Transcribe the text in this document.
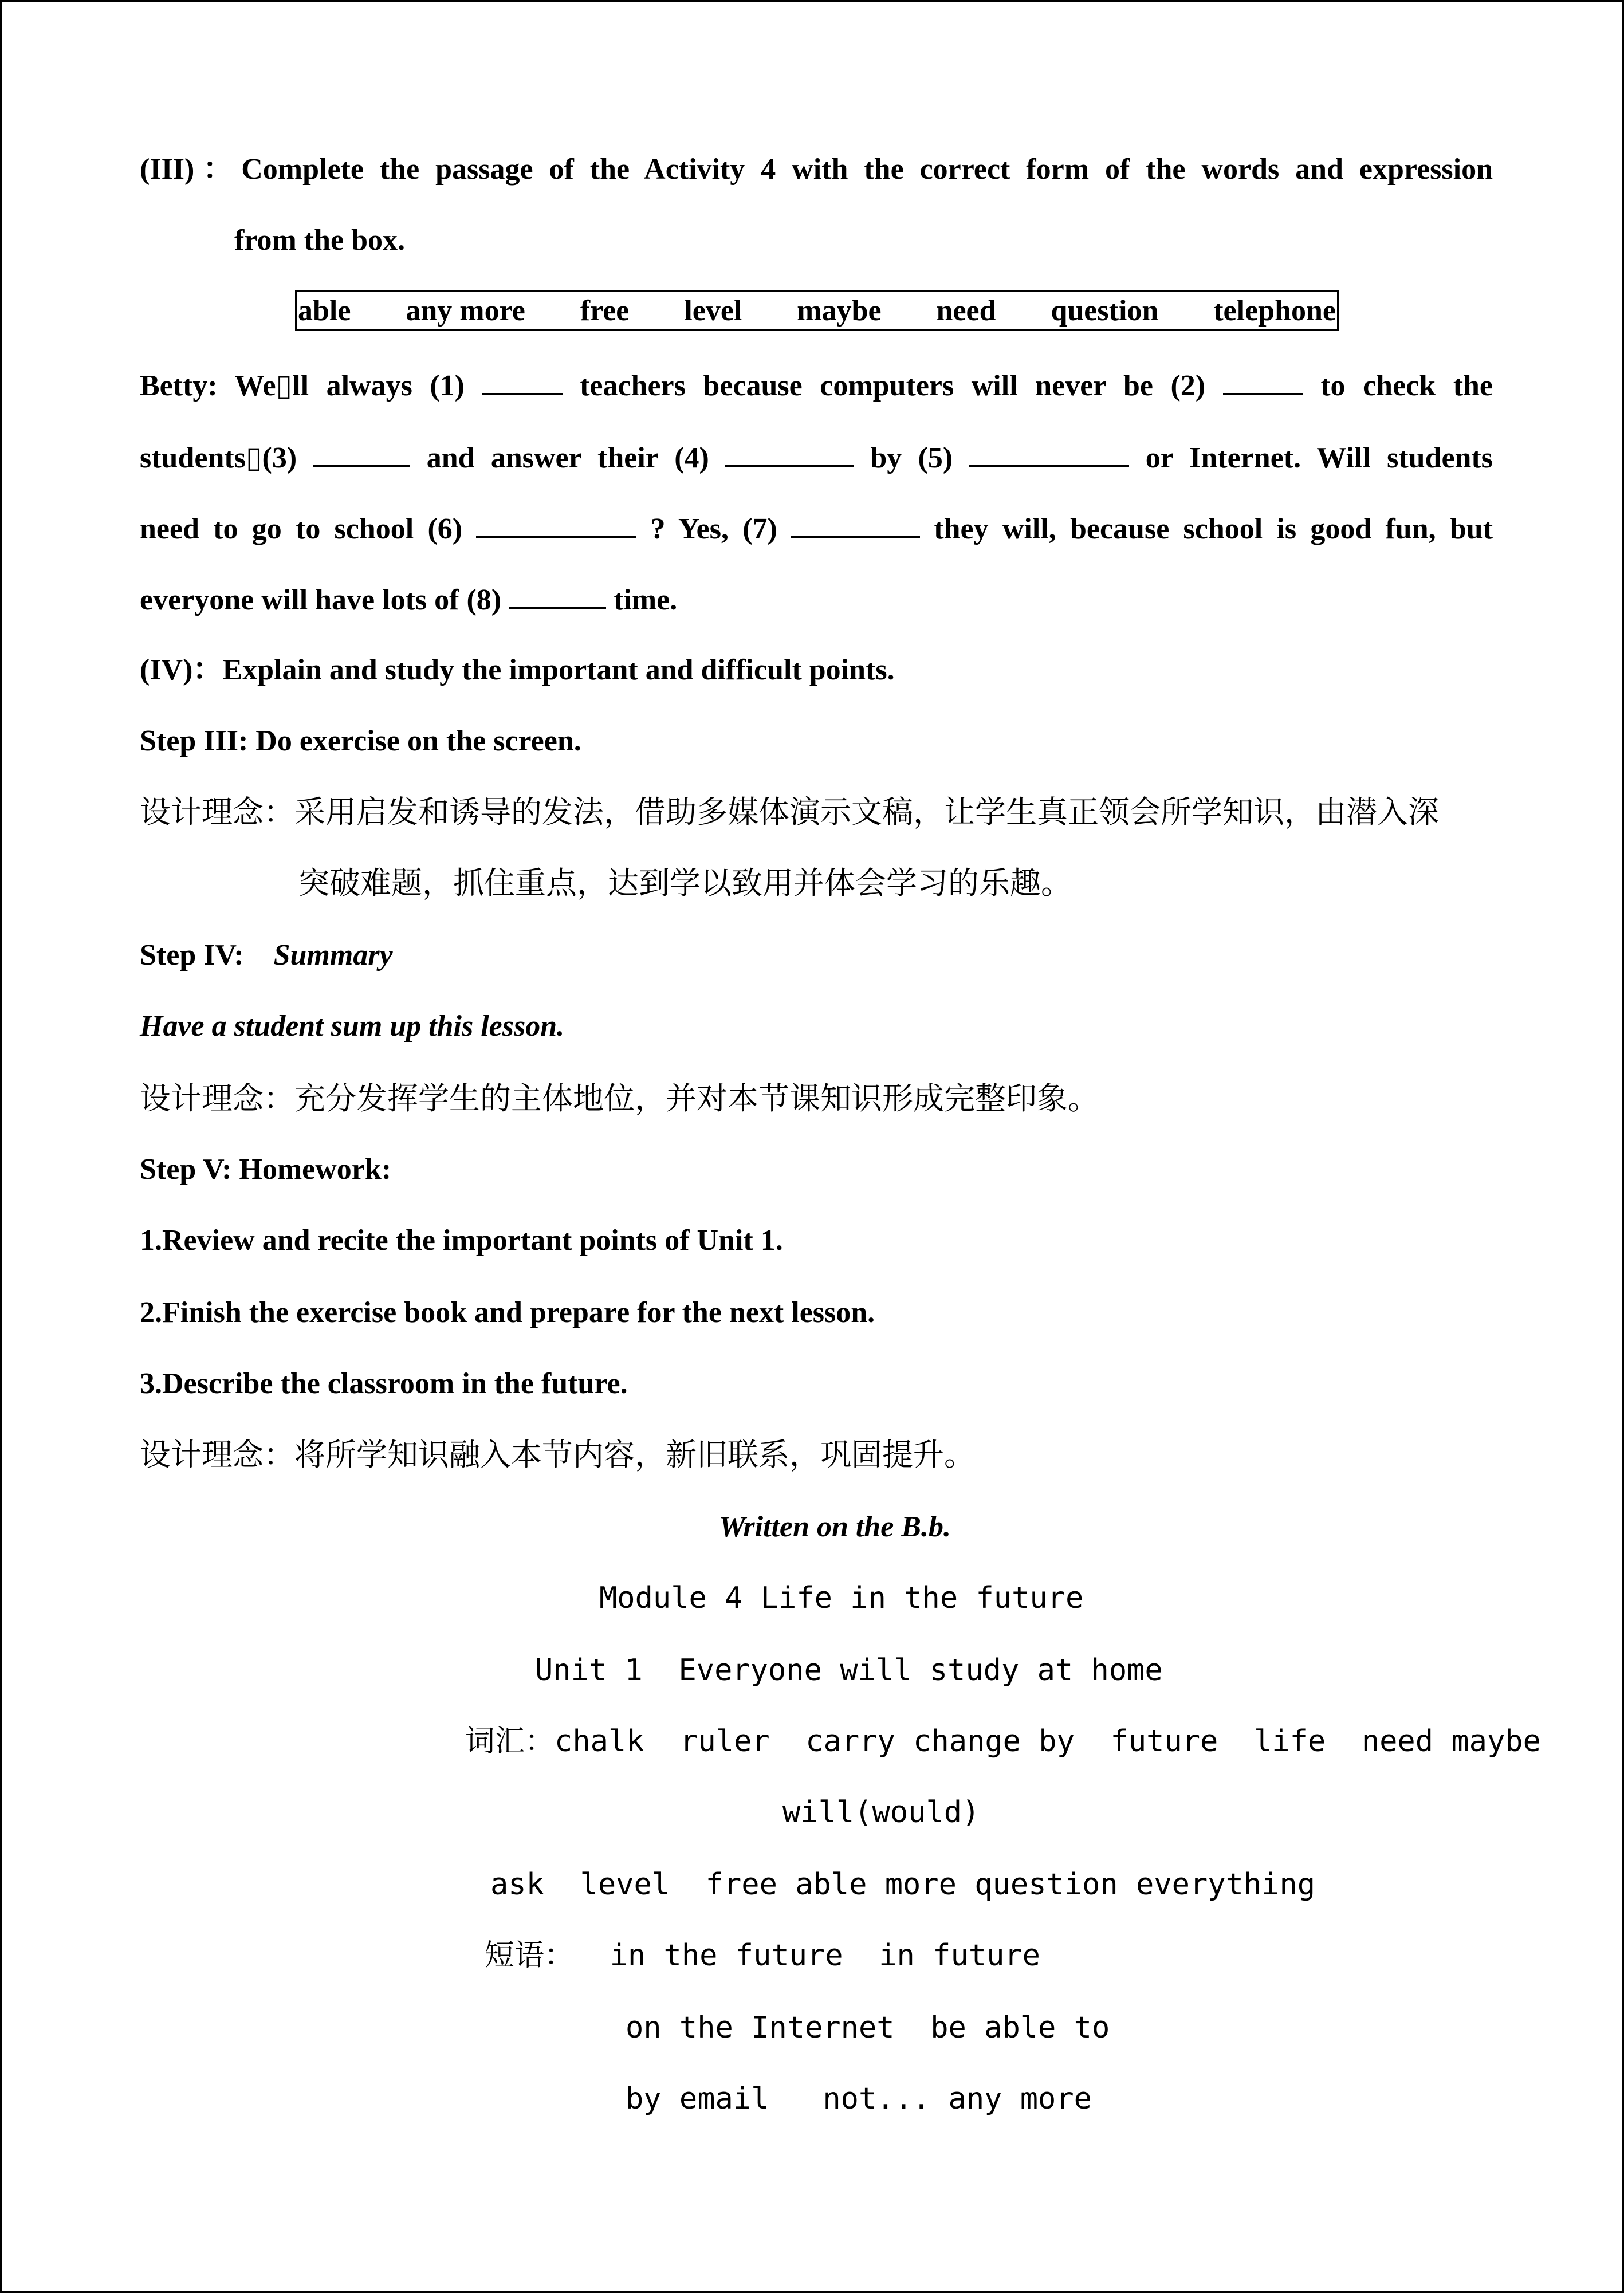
(III)：Complete the passage of the Activity 4 with the correct form of the words and expression
from the box.
able any more free level maybe need question telephone
Betty: We▯ll always (1)	teachers because computers will never be (2)	to check the
students▯(3)	and answer their (4)	by (5)	or Internet. Will students
need to go to school (6)	? Yes, (7)	they will, because school is good fun, but
everyone will have lots of (8)	time.
(IV)：Explain and study the important and difficult points.
Step III: Do exercise on the screen.
设计理念：采用启发和诱导的发法，借助多媒体演示文稿，让学生真正领会所学知识，由潜入深
突破难题，抓住重点，达到学以致用并体会学习的乐趣。
Step IV:    Summary
Have a student sum up this lesson.
设计理念：充分发挥学生的主体地位，并对本节课知识形成完整印象。
Step V: Homework:
1.Review and recite the important points of Unit 1.
2.Finish the exercise book and prepare for the next lesson.
3.Describe the classroom in the future.
设计理念：将所学知识融入本节内容，新旧联系，巩固提升。
Written on the B.b.
Module 4 Life in the future
Unit 1  Everyone will study at home
词汇：chalk  ruler  carry change by  future  life  need maybe
will(would)
ask  level  free able more question everything
短语：  in the future  in future
on the Internet  be able to
by email   not... any more
